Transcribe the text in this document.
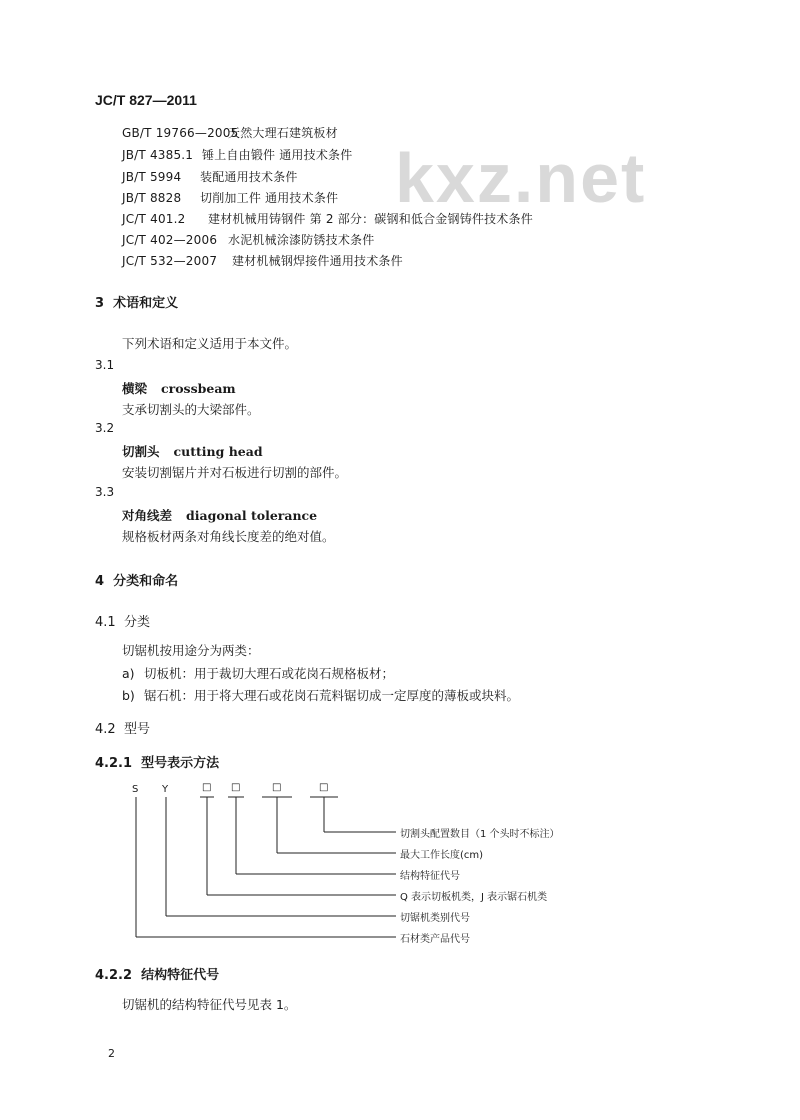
kxz.net
JC/T 827—2011
GB/T 19766—2005 天然大理石建筑板材
JB/T 4385.1 锤上自由锻件 通用技术条件
JB/T 5994 装配通用技术条件
JB/T 8828 切削加工件 通用技术条件
JC/T 401.2 建材机械用铸钢件 第 2 部分：碳钢和低合金钢铸件技术条件
JC/T 402—2006 水泥机械涂漆防锈技术条件
JC/T 532—2007 建材机械钢焊接件通用技术条件
3  术语和定义
下列术语和定义适用于本文件。
3.1
横梁 crossbeam
支承切割头的大梁部件。
3.2
切割头 cutting head
安装切割锯片并对石板进行切割的部件。
3.3
对角线差 diagonal tolerance
规格板材两条对角线长度差的绝对值。
4  分类和命名
4.1  分类
切锯机按用途分为两类：
a) 切板机：用于裁切大理石或花岗石规格板材；
b) 锯石机：用于将大理石或花岗石荒料锯切成一定厚度的薄板或块料。
4.2  型号
4.2.1  型号表示方法
S Y	□ □	□	□
切割头配置数目（1 个头时不标注）
最大工作长度(cm)
结构特征代号
Q 表示切板机类，J 表示锯石机类
切锯机类别代号
石材类产品代号
4.2.2  结构特征代号
切锯机的结构特征代号见表 1。
2
